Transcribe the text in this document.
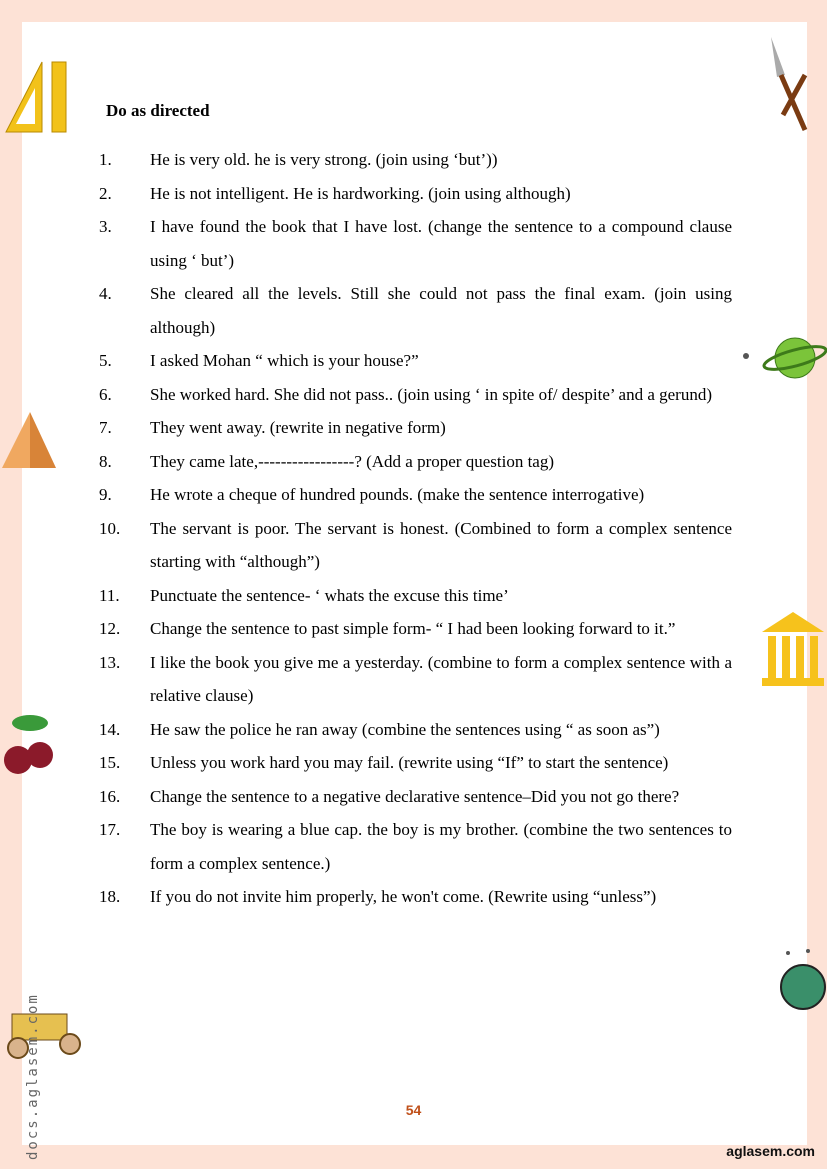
docs.aglasem.com
Do as directed
1.	He is very old. he is very strong. (join using ‘but’))
2.	He is not intelligent. He is hardworking. (join using although)
3.	I have found the book that I have lost. (change the sentence to a compound clause using ‘ but’)
4.	She cleared all the levels. Still she could not pass the final exam. (join using although)
5.	I asked Mohan “ which is your house?”
6.	She worked hard. She did not pass.. (join using ‘ in spite of/ despite’ and a gerund)
7.	They went away. (rewrite in negative form)
8.	They came late,-----------------? (Add a proper question tag)
9.	He wrote a cheque of hundred pounds. (make the sentence interrogative)
10.	The servant is poor. The servant is honest. (Combined to form a complex sentence starting with “although”)
11.	Punctuate the sentence- ‘ whats the excuse this time’
12.	Change the sentence to past simple form- “ I had been looking forward to it.”
13.	I like the book you give me a yesterday. (combine to form a complex sentence with a relative clause)
14.	He saw the police he ran away (combine the sentences using “ as soon as”)
15.	Unless you work hard you may fail. (rewrite using “If” to start the sentence)
16.	Change the sentence to a negative declarative sentence–Did you not go there?
17.	The boy is wearing a blue cap. the boy is my brother. (combine the two sentences to form a complex sentence.)
18.	If you do not invite him properly, he won't come. (Rewrite using “unless”)
54
aglasem.com
